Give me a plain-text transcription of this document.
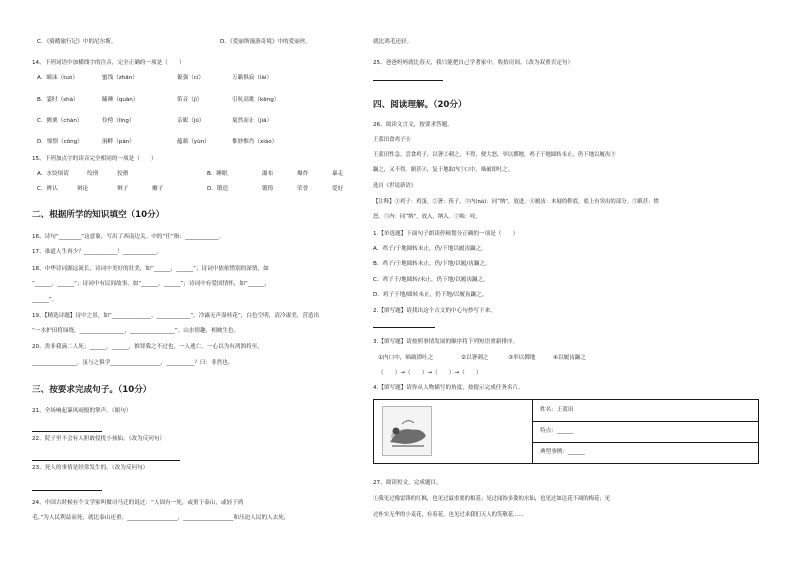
C．《骑鹅旅行记》中的尼尔斯。	D．《爱丽斯漫游奇境》中的爱丽丝。
14、下列词语中加横线字的注音，完全正确的一项是（　　）
A．瞳沫（tuò）	蜜饯（zhān）	倔强（cí）	万籁俱寂（lài）
B．霎时（shà）	瞌睡（quān）	笛音（jì）	引吭高歌（kēng）
C．颤栗（chàn）	伶俜（līng）	亲昵（jū）	戛然而止（jiā）
D．憧憬（cōng）	涧畔（pàn）	蕴藉（yùn）	惟妙惟肖（xiào）
15、下列加点字的读音完全相同的一项是（　　）
A．水饺烦请	绞刑	狡猾	B．睡眠	瀑布	爆炸	暴走
C．辨认	辩论	辫子	瓣子	D．锻造	锻铸	荣誉	爱好
二、根据所学的知识填空（10分）
16、诗句“________”这意象，写出了西南边关。中的“任”指：____________。
17、谁道人生再少？____________！____________。
18、中华诗词源远流长，诗词中美好的壮美，如“______，______”；诗词中依依惜别的深情，如
“______，______”；诗词中有民间故事，如“______，______”；诗词中有爱国情怀，如“______，
______”。
19、【精选诗题】诗中之景，如“______________，____________”。冷露无声湿桂花”，白色空明，清冷凄美，营造出
“一水护田将绿绕，________________，________________”。山水情趣，相映生色。
20、贵非我滴二人死；______，______，推罪我之不过也，一人逃亡。一心以为有鸿鹄将至，
________________。虽与之俱学__________________，__________？曰：非然也。
三、按要求完成句子。（10分）
21、全场响起暴风雨般的掌声。（缩句）
22、院子里不会有人胆敢侵扰小孩仙。（改为反问句）
23、死人的事情是经常发生的。（改为反问句）
24、中国古时候有个文学家叫做司马迁的说过：“人固有一死，或重于泰山，或轻于鸿
毛。”为人民利益而死，就比泰山还重；__________________，__________________和压迫人民的人去死，
就比鸿毛还轻。
25、爸爸妈妈就比春天，我只能把自己学著家中，收拾房间。（改为双重否定句）
四、阅读理解。（20分）
26、阅读文言文，按要求答题。
王蓝田食鸡子⑪
王蓝田性急。尝食鸡子，以箸②刺之，不得，便大怒，举以掷地。鸡子于地圆转未止，仍下地以履齿③
蹍之，又不得。瞋甚④，复于地取内⑤口中，啮破即吐之。
选自《世说新语》
【注释】①鸡子：鸡蛋。②箸：筷子。③内(nà)：同“纳”，放进。④履齿：木屐的鞋底，底上有突出的部分。⑤瞋甚：愤
怒。⑤内：同“纳”，放入，纳入。⑦啮：咬。
1.【单选题】下面句子朗读停顿划分正确的一项是（　　）
A．鸡子/于地圆转未止，仍/下地以履齿蹍之。
B．鸡子/于地圆转未止，仍/下地/以履/齿蹍之。
C．鸡子于/地圆转/未止，仍下地/以履齿蹍之。
D．鸡子于地/圆转未止，仍下地/以履齿蹍之。
2.【填写题】请找出这个古文的中心句抄写下来。
3.【填写题】请按照事情发展的顺序将下列短语重新排序。
①内口中，啮破即吐之	②以箸刺之	③举以掷地	④以履齿蹍之
（　　）→（　　）→（　　）→（　　）
4.【填写题】请你从人物描写的角度，按提示完成任务名片。
姓名：王蓝田
特点：______
典型事例：______
27、阅读短文，完成题目。
①我见过像雷锋的红枫，也见过最重要的根基；见过闻饰多姿的水仙，也见过如达花不凋的梅花；见
过朴实无华的小麦花，有着花，也见过求我们天人的笑敬花……
